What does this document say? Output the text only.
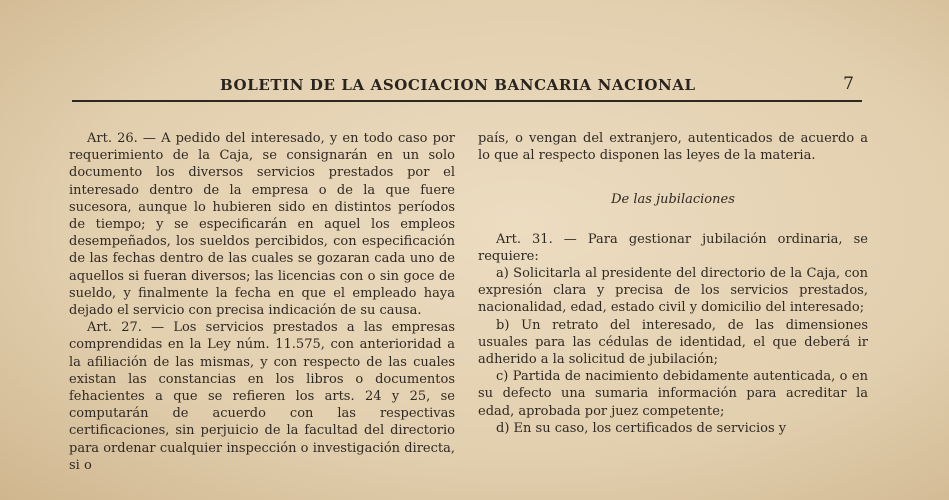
BOLETIN DE LA ASOCIACION BANCARIA NACIONAL	7

Art. 26. — A pedido del interesado, y en todo caso por requerimiento de la Caja, se consignarán en un solo documento los diversos servicios prestados por el interesado dentro de la empresa o de la que fuere sucesora, aunque lo hubieren sido en distintos períodos de tiempo; y se especificarán en aquel los empleos desempeñados, los sueldos percibidos, con especificación de las fechas dentro de las cuales se gozaran cada uno de aquellos si fueran diversos; las licencias con o sin goce de sueldo, y finalmente la fecha en que el empleado haya dejado el servicio con precisa indicación de su causa.

Art. 27. — Los servicios prestados a las empresas comprendidas en la Ley núm. 11.575, con anterioridad a la afiliación de las mismas, y con respecto de las cuales existan las constancias en los libros o documentos fehacientes a que se refieren los arts. 24 y 25, se computarán de acuerdo con las respectivas certificaciones, sin perjuicio de la facultad del directorio para ordenar cualquier inspección o investigación directa, si o

país, o vengan del extranjero, autenticados de acuerdo a lo que al respecto disponen las leyes de la materia.

De las jubilaciones

Art. 31. — Para gestionar jubilación ordinaria, se requiere:

a) Solicitarla al presidente del directorio de la Caja, con expresión clara y precisa de los servicios prestados, nacionalidad, edad, estado civil y domicilio del interesado;

b) Un retrato del interesado, de las dimensiones usuales para las cédulas de identidad, el que deberá ir adherido a la solicitud de jubilación;

c) Partida de nacimiento debidamente autenticada, o en su defecto una sumaria información para acreditar la edad, aprobada por juez competente;

d) En su caso, los certificados de servicios y
